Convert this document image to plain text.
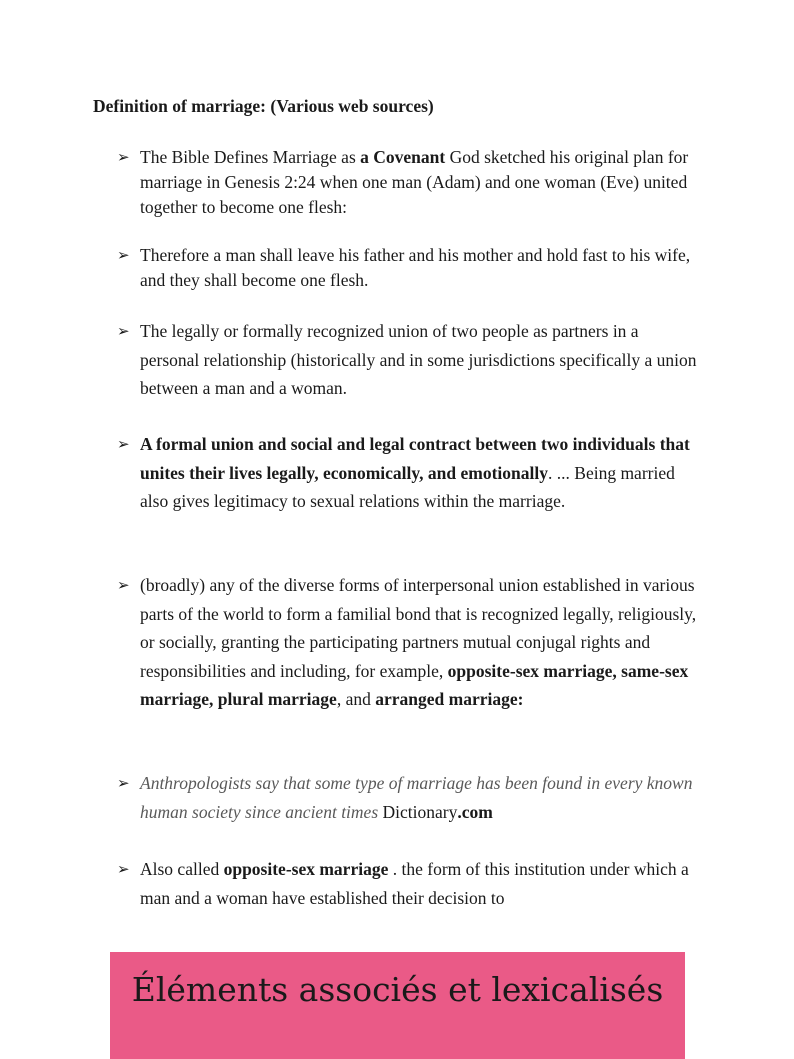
Definition of marriage: (Various web sources)
➢ The Bible Defines Marriage as a Covenant God sketched his original plan for marriage in Genesis 2:24 when one man (Adam) and one woman (Eve) united together to become one flesh:
➢ Therefore a man shall leave his father and his mother and hold fast to his wife, and they shall become one flesh.
➢ The legally or formally recognized union of two people as partners in a personal relationship (historically and in some jurisdictions specifically a union between a man and a woman.
➢ A formal union and social and legal contract between two individuals that unites their lives legally, economically, and emotionally. ... Being married also gives legitimacy to sexual relations within the marriage.
➢ (broadly) any of the diverse forms of interpersonal union established in various parts of the world to form a familial bond that is recognized legally, religiously, or socially, granting the participating partners mutual conjugal rights and responsibilities and including, for example, opposite-sex marriage, same-sex marriage, plural marriage, and arranged marriage:
➢ Anthropologists say that some type of marriage has been found in every known human society since ancient times Dictionary.com
➢ Also called opposite-sex marriage . the form of this institution under which a man and a woman have established their decision to
Éléments associés et lexicalisés
